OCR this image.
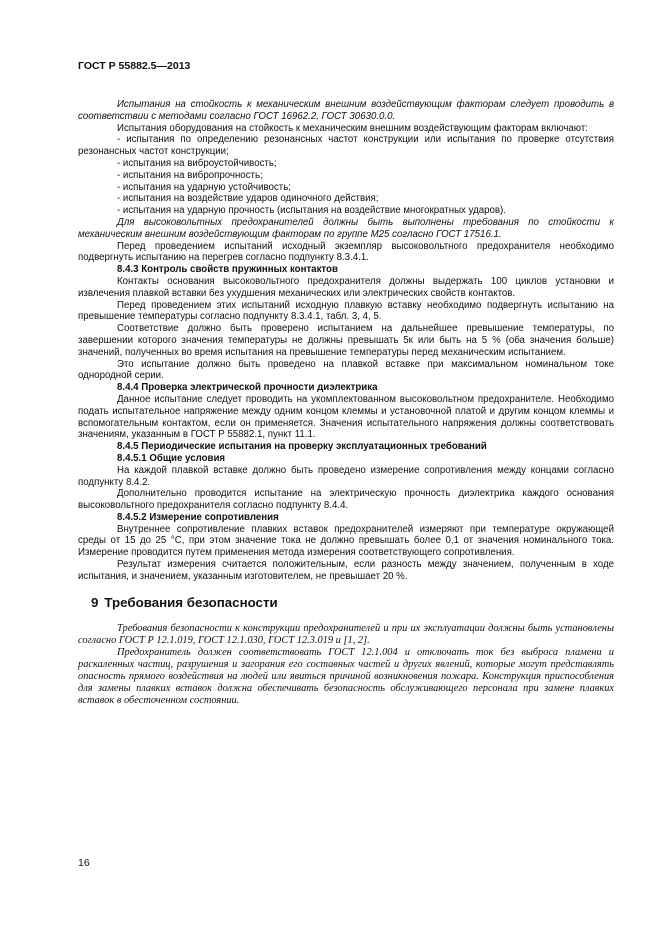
ГОСТ Р 55882.5—2013

Испытания на стойкость к механическим внешним воздействующим факторам следует проводить в соответствии с методами согласно ГОСТ 16962.2, ГОСТ 30630.0.0.

Испытания оборудования на стойкость к механическим внешним воздействующим факторам включают:

- испытания по определению резонансных частот конструкции или испытания по проверке отсутствия резонансных частот конструкции;

- испытания на виброустойчивость;

- испытания на вибропрочность;

- испытания на ударную устойчивость;

- испытания на воздействие ударов одиночного действия;

- испытания на ударную прочность (испытания на воздействие многократных ударов).

Для высоковольтных предохранителей должны быть выполнены требования по стойкости к механическим внешним воздействующим факторам по группе М25 согласно ГОСТ 17516.1.

Перед проведением испытаний исходный экземпляр высоковольтного предохранителя необходимо подвергнуть испытанию на перегрев согласно подпункту 8.3.4.1.

8.4.3 Контроль свойств пружинных контактов

Контакты основания высоковольтного предохранителя должны выдержать 100 циклов установки и извлечения плавкой вставки без ухудшения механических или электрических свойств контактов.

Перед проведением этих испытаний исходную плавкую вставку необходимо подвергнуть испытанию на превышение температуры согласно подпункту 8.3.4.1, табл. 3, 4, 5.

Соответствие должно быть проверено испытанием на дальнейшее превышение температуры, по завершении которого значения температуры не должны превышать 5к или быть на 5 % (оба значения больше) значений, полученных во время испытания на превышение температуры перед механическим испытанием.

Это испытание должно быть проведено на плавкой вставке при максимальном номинальном токе однородной серии.

8.4.4 Проверка электрической прочности диэлектрика

Данное испытание следует проводить на укомплектованном высоковольтном предохранителе. Необходимо подать испытательное напряжение между одним концом клеммы и установочной платой и другим концом клеммы и вспомогательным контактом, если он применяется. Значения испытательного напряжения должны соответствовать значениям, указанным в ГОСТ Р 55882.1, пункт 11.1.

8.4.5 Периодические испытания на проверку эксплуатационных требований

8.4.5.1 Общие условия

На каждой плавкой вставке должно быть проведено измерение сопротивления между концами согласно подпункту 8.4.2.

Дополнительно проводится испытание на электрическую прочность диэлектрика каждого основания высоковольтного предохранителя согласно подпункту 8.4.4.

8.4.5.2 Измерение сопротивления

Внутреннее сопротивление плавких вставок предохранителей измеряют при температуре окружающей среды от 15 до 25 °С, при этом значение тока не должно превышать более 0,1 от значения номинального тока. Измерение проводится путем применения метода измерения соответствующего сопротивления.

Результат измерения считается положительным, если разность между значением, полученным в ходе испытания, и значением, указанным изготовителем, не превышает 20 %.

9 Требования безопасности

Требования безопасности к конструкции предохранителей и при их эксплуатации должны быть установлены согласно ГОСТ Р 12.1.019, ГОСТ 12.1.030, ГОСТ 12.3.019 и [1, 2].

Предохранитель должен соответствовать ГОСТ 12.1.004 и отключать ток без выброса пламени и раскаленных частиц, разрушения и загорания его составных частей и других явлений, которые могут представлять опасность прямого воздействия на людей или явиться причиной возникновения пожара. Конструкция приспособления для замены плавких вставок должна обеспечивать безопасность обслуживающего персонала при замене плавких вставок в обесточенном состоянии.

16
